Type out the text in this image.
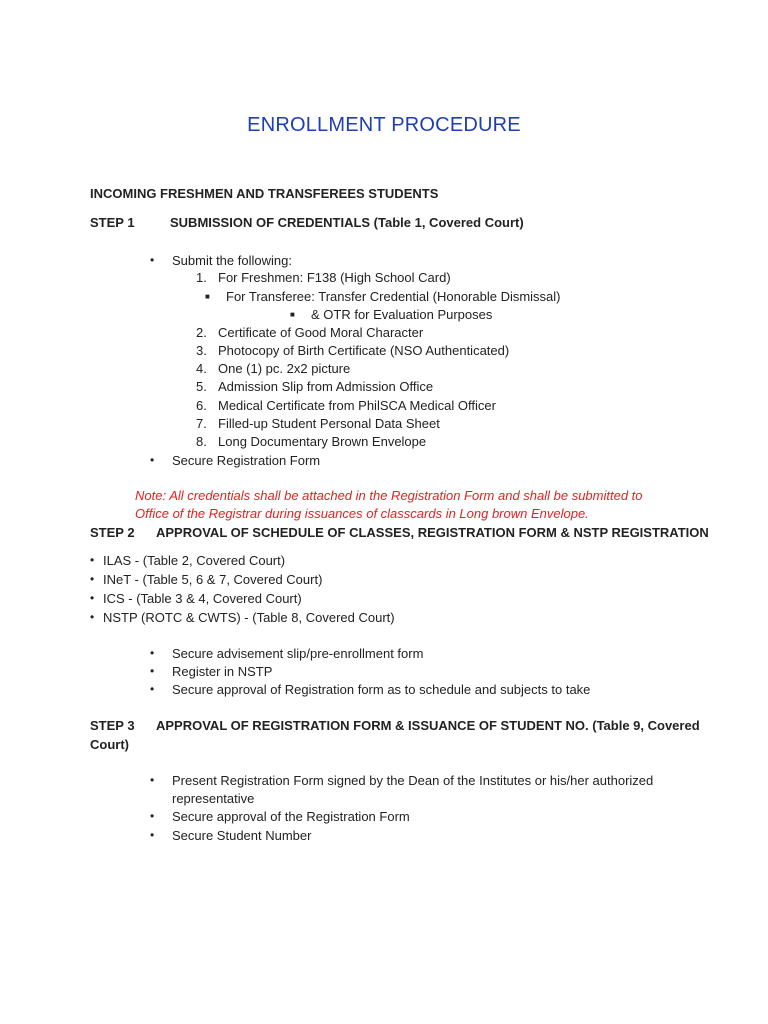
ENROLLMENT PROCEDURE
INCOMING FRESHMEN AND TRANSFEREES STUDENTS
STEP 1	SUBMISSION OF CREDENTIALS (Table 1, Covered Court)
• Submit the following:
1. For Freshmen: F138 (High School Card)
■ For Transferee: Transfer Credential (Honorable Dismissal)
■ & OTR for Evaluation Purposes
2. Certificate of Good Moral Character
3. Photocopy of Birth Certificate (NSO Authenticated)
4. One (1) pc. 2x2 picture
5. Admission Slip from Admission Office
6. Medical Certificate from PhilSCA Medical Officer
7. Filled-up Student Personal Data Sheet
8. Long Documentary Brown Envelope
• Secure Registration Form
Note: All credentials shall be attached in the Registration Form and shall be submitted to
Office of the Registrar during issuances of classcards in Long brown Envelope.
STEP 2 APPROVAL OF SCHEDULE OF CLASSES, REGISTRATION FORM & NSTP REGISTRATION
• ILAS - (Table 2, Covered Court)
• INeT - (Table 5, 6 & 7, Covered Court)
• ICS - (Table 3 & 4, Covered Court)
• NSTP (ROTC & CWTS) - (Table 8, Covered Court)
• Secure advisement slip/pre-enrollment form
• Register in NSTP
• Secure approval of Registration form as to schedule and subjects to take
STEP 3 APPROVAL OF REGISTRATION FORM & ISSUANCE OF STUDENT NO. (Table 9, Covered
Court)
• Present Registration Form signed by the Dean of the Institutes or his/her authorized
representative
• Secure approval of the Registration Form
• Secure Student Number
